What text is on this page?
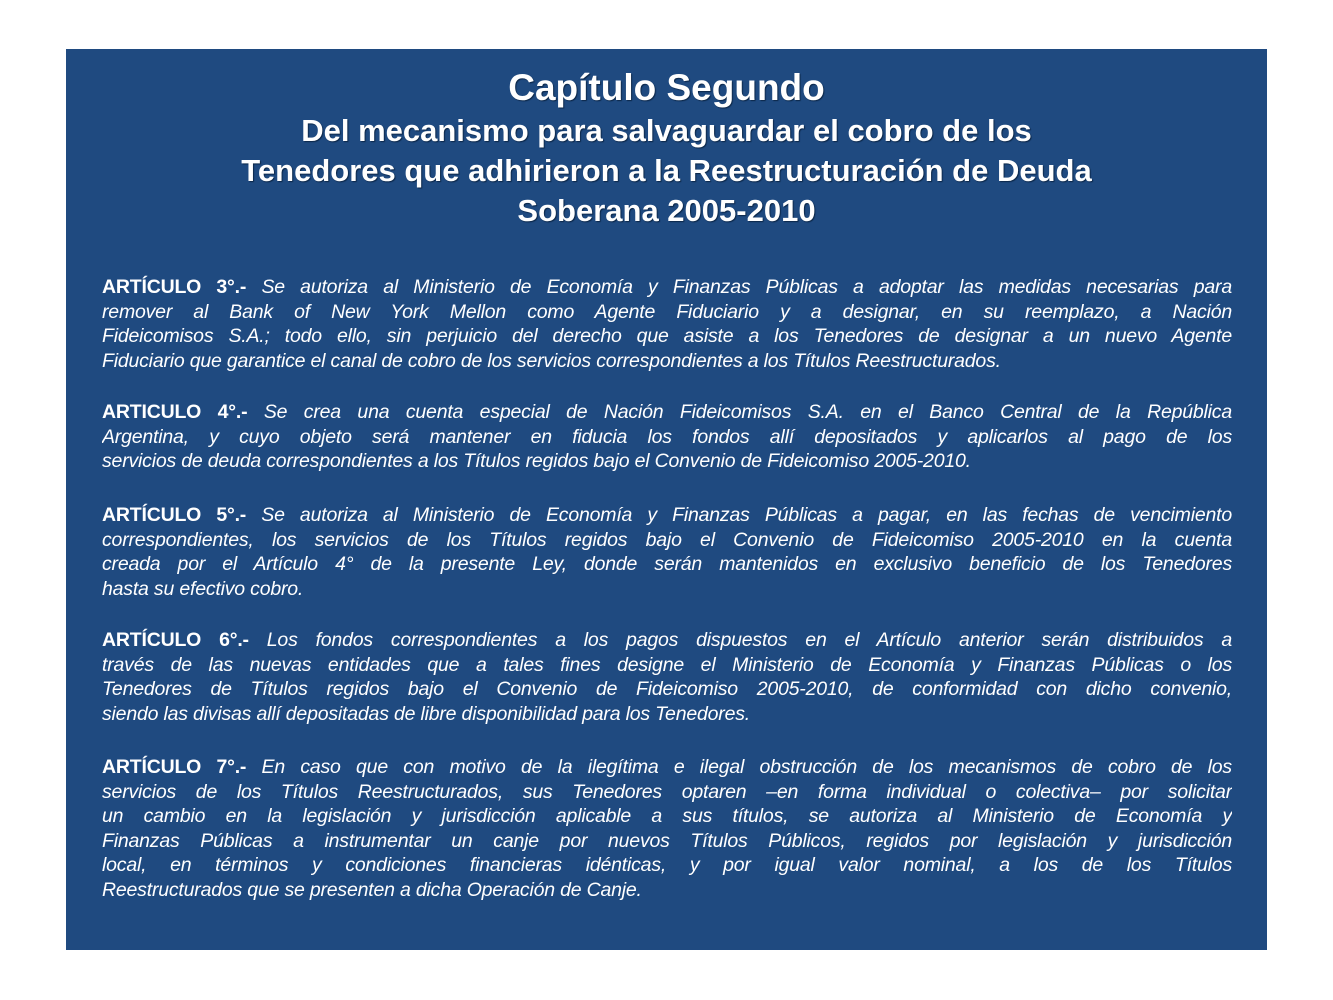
Capítulo Segundo
Del mecanismo para salvaguardar el cobro de los
Tenedores que adhirieron a la Reestructuración de Deuda
Soberana 2005-2010
ARTÍCULO 3°.- Se autoriza al Ministerio de Economía y Finanzas Públicas a adoptar las medidas necesarias para
remover al Bank of New York Mellon como Agente Fiduciario y a designar, en su reemplazo, a Nación
Fideicomisos S.A.; todo ello, sin perjuicio del derecho que asiste a los Tenedores de designar a un nuevo Agente
Fiduciario que garantice el canal de cobro de los servicios correspondientes a los Títulos Reestructurados.
ARTICULO 4°.- Se crea una cuenta especial de Nación Fideicomisos S.A. en el Banco Central de la República
Argentina, y cuyo objeto será mantener en fiducia los fondos allí depositados y aplicarlos al pago de los
servicios de deuda correspondientes a los Títulos regidos bajo el Convenio de Fideicomiso 2005-2010.
ARTÍCULO 5°.- Se autoriza al Ministerio de Economía y Finanzas Públicas a pagar, en las fechas de vencimiento
correspondientes, los servicios de los Títulos regidos bajo el Convenio de Fideicomiso 2005-2010 en la cuenta
creada por el Artículo 4° de la presente Ley, donde serán mantenidos en exclusivo beneficio de los Tenedores
hasta su efectivo cobro.
ARTÍCULO 6°.- Los fondos correspondientes a los pagos dispuestos en el Artículo anterior serán distribuidos a
través de las nuevas entidades que a tales fines designe el Ministerio de Economía y Finanzas Públicas o los
Tenedores de Títulos regidos bajo el Convenio de Fideicomiso 2005-2010, de conformidad con dicho convenio,
siendo las divisas allí depositadas de libre disponibilidad para los Tenedores.
ARTÍCULO 7°.- En caso que con motivo de la ilegítima e ilegal obstrucción de los mecanismos de cobro de los
servicios de los Títulos Reestructurados, sus Tenedores optaren –en forma individual o colectiva– por solicitar
un cambio en la legislación y jurisdicción aplicable a sus títulos, se autoriza al Ministerio de Economía y
Finanzas Públicas a instrumentar un canje por nuevos Títulos Públicos, regidos por legislación y jurisdicción
local, en términos y condiciones financieras idénticas, y por igual valor nominal, a los de los Títulos
Reestructurados que se presenten a dicha Operación de Canje.
